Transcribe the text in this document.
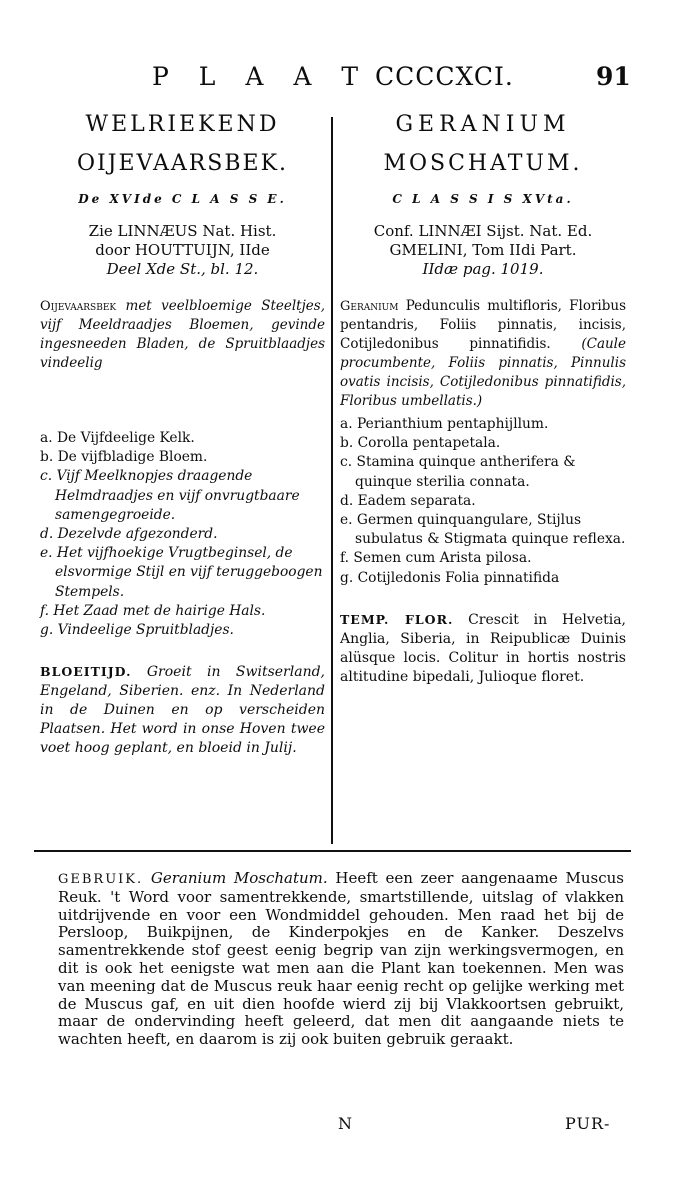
P L A A T CCCCXCI.	91
WELRIEKEND
OIJEVAARSBEK.
De XVIde C L A S S E.
Zie LINNÆUS Nat. Hist.
door HOUTTUIJN, IIde
Deel Xde St., bl. 12.
Oijevaarsbek met veelbloemige Steeltjes, vijf Meeldraadjes Bloemen, gevinde ingesneeden Bladen, de Spruitblaadjes vindeelig
a. De Vijfdeelige Kelk.
b. De vijfbladige Bloem.
c. Vijf Meelknopjes draagende Helmdraadjes en vijf onvrugtbaare samengegroeide.
d. Dezelvde afgezonderd.
e. Het vijfhoekige Vrugtbeginsel, de elsvormige Stijl en vijf teruggeboogen Stempels.
f. Het Zaad met de hairige Hals.
g. Vindeelige Spruitbladjes.
BLOEITIJD. Groeit in Switserland, Engeland, Siberien. enz. In Nederland in de Duinen en op verscheiden Plaatsen. Het word in onse Hoven twee voet hoog geplant, en bloeid in Julij.
GERANIUM
MOSCHATUM.
C L A S S I S XVta.
Conf. LINNÆI Sijst. Nat. Ed.
GMELINI, Tom IIdi Part.
IIdæ pag. 1019.
Geranium Pedunculis multifloris, Floribus pentandris, Foliis pinnatis, incisis, Cotijledonibus pinnatifidis. (Caule procumbente, Foliis pinnatis, Pinnulis ovatis incisis, Cotijledonibus pinnatifidis, Floribus umbellatis.)
a. Perianthium pentaphijllum.
b. Corolla pentapetala.
c. Stamina quinque antherifera & quinque sterilia connata.
d. Eadem separata.
e. Germen quinquangulare, Stijlus subulatus & Stigmata quinque reflexa.
f. Semen cum Arista pilosa.
g. Cotijledonis Folia pinnatifida
TEMP. FLOR. Crescit in Helvetia, Anglia, Siberia, in Reipublicæ Duinis alüsque locis. Colitur in hortis nostris altitudine bipedali, Julioque floret.
GEBRUIK. Geranium Moschatum. Heeft een zeer aangenaame Muscus Reuk. 't Word voor samentrekkende, smartstillende, uitslag of vlakken uitdrijvende en voor een Wondmiddel gehouden. Men raad het bij de Persloop, Buikpijnen, de Kinderpokjes en de Kanker. Deszelvs samentrekkende stof geest eenig begrip van zijn werkingsvermogen, en dit is ook het eenigste wat men aan die Plant kan toekennen. Men was van meening dat de Muscus reuk haar eenig recht op gelijke werking met de Muscus gaf, en uit dien hoofde wierd zij bij Vlakkoortsen gebruikt, maar de ondervinding heeft geleerd, dat men dit aangaande niets te wachten heeft, en daarom is zij ook buiten gebruik geraakt.
N	PUR-
